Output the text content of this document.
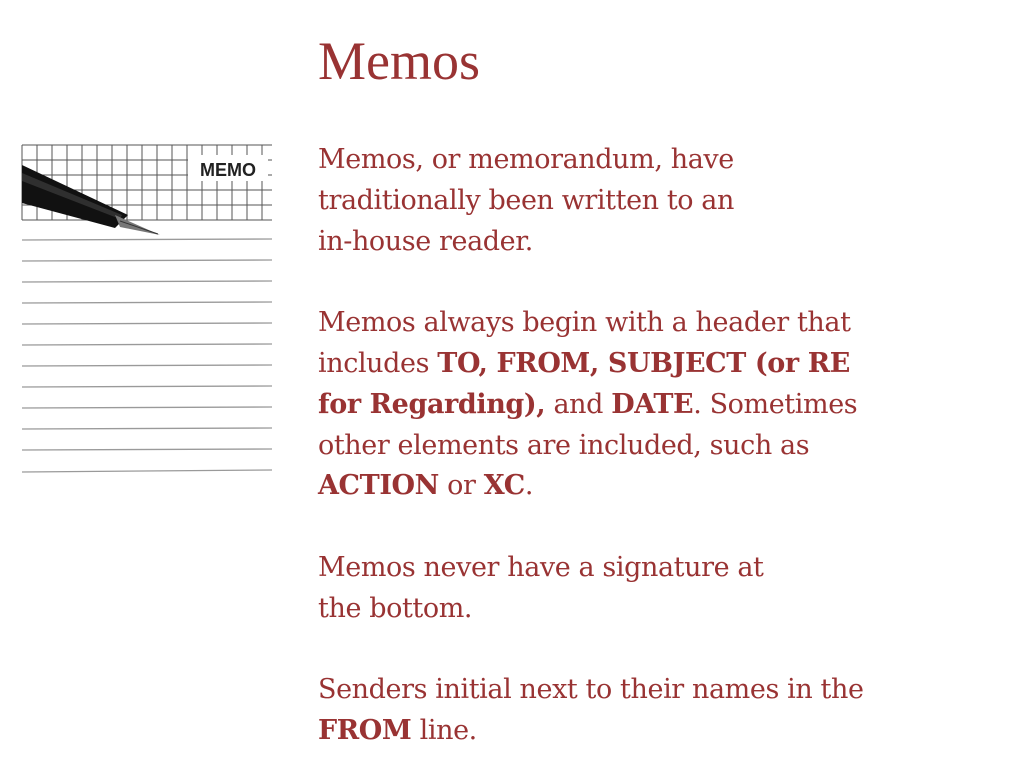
Memos
MEMO Memos, or memorandum, have
traditionally been written to an
in-house reader.
Memos always begin with a header that
includes TO, FROM, SUBJECT (or RE
for Regarding), and DATE. Sometimes
other elements are included, such as
ACTION or XC.
Memos never have a signature at
the bottom.
Senders initial next to their names in the
FROM line.
